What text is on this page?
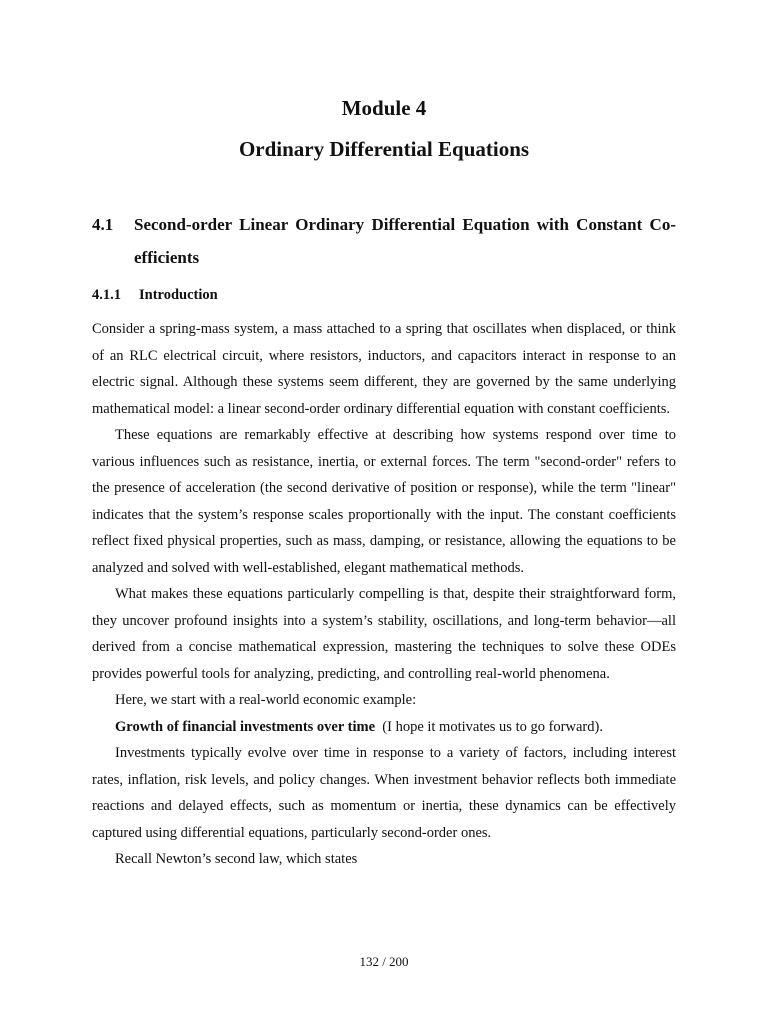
Module 4
Ordinary Differential Equations
4.1 Second-order Linear Ordinary Differential Equation with Constant Co-efficients
4.1.1 Introduction

Consider a spring-mass system, a mass attached to a spring that oscillates when displaced, or think of an RLC electrical circuit, where resistors, inductors, and capacitors interact in response to an electric signal. Although these systems seem different, they are governed by the same underlying mathematical model: a linear second-order ordinary differential equation with constant coefficients.

These equations are remarkably effective at describing how systems respond over time to various influences such as resistance, inertia, or external forces. The term "second-order" refers to the presence of acceleration (the second derivative of position or response), while the term "linear" indicates that the system’s response scales proportionally with the input. The constant coefficients reflect fixed physical properties, such as mass, damping, or resistance, allowing the equations to be analyzed and solved with well-established, elegant mathematical methods.

What makes these equations particularly compelling is that, despite their straightforward form, they uncover profound insights into a system’s stability, oscillations, and long-term behavior—all derived from a concise mathematical expression, mastering the techniques to solve these ODEs provides powerful tools for analyzing, predicting, and controlling real-world phenomena.

Here, we start with a real-world economic example:

Growth of financial investments over time (I hope it motivates us to go forward).

Investments typically evolve over time in response to a variety of factors, including interest rates, inflation, risk levels, and policy changes. When investment behavior reflects both immediate reactions and delayed effects, such as momentum or inertia, these dynamics can be effectively captured using differential equations, particularly second-order ones.

Recall Newton’s second law, which states

132 / 200
